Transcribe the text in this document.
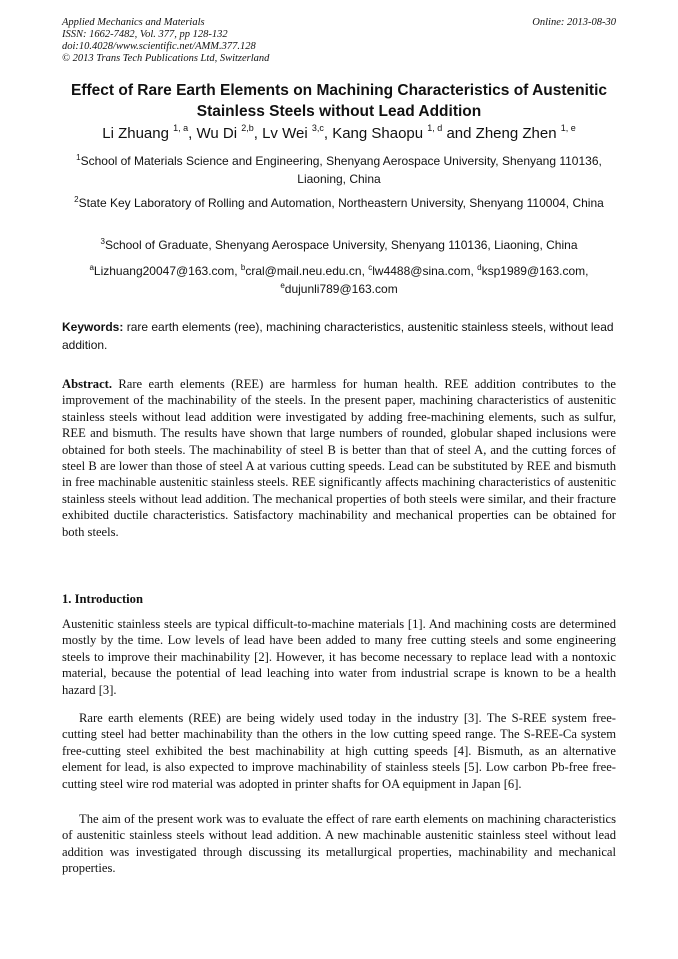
Applied Mechanics and Materials
ISSN: 1662-7482, Vol. 377, pp 128-132
doi:10.4028/www.scientific.net/AMM.377.128
© 2013 Trans Tech Publications Ltd, Switzerland
Online: 2013-08-30
Effect of Rare Earth Elements on Machining Characteristics of Austenitic
Stainless Steels without Lead Addition
Li Zhuang $^{1, a}$, Wu Di $^{2,b}$, Lv Wei $^{3,c}$, Kang Shaopu $^{1, d}$ and Zheng Zhen $^{1, e}$
$^1$School of Materials Science and Engineering, Shenyang Aerospace University, Shenyang 110136, Liaoning, China
$^2$State Key Laboratory of Rolling and Automation, Northeastern University, Shenyang 110004, China
$^3$School of Graduate, Shenyang Aerospace University, Shenyang 110136, Liaoning, China
$^a$Lizhuang20047@163.com, $^b$cral@mail.neu.edu.cn, $^c$lw4488@sina.com, $^d$ksp1989@163.com,
$^e$dujunli789@163.com
Keywords: rare earth elements (ree), machining characteristics, austenitic stainless steels, without lead addition.
Abstract. Rare earth elements (REE) are harmless for human health. REE addition contributes to the improvement of the machinability of the steels. In the present paper, machining characteristics of austenitic stainless steels without lead addition were investigated by adding free-machining elements, such as sulfur, REE and bismuth. The results have shown that large numbers of rounded, globular shaped inclusions were obtained for both steels. The machinability of steel B is better than that of steel A, and the cutting forces of steel B are lower than those of steel A at various cutting speeds. Lead can be substituted by REE and bismuth in free machinable austenitic stainless steels. REE significantly affects machining characteristics of austenitic stainless steels without lead addition. The mechanical properties of both steels were similar, and their fracture exhibited ductile characteristics. Satisfactory machinability and mechanical properties can be obtained for both steels.
1. Introduction
Austenitic stainless steels are typical difficult-to-machine materials [1]. And machining costs are determined mostly by the time. Low levels of lead have been added to many free cutting steels and some engineering steels to improve their machinability [2]. However, it has become necessary to replace lead with a nontoxic material, because the potential of lead leaching into water from industrial scrape is known to be a health hazard [3].
Rare earth elements (REE) are being widely used today in the industry [3]. The S-REE system free-cutting steel had better machinability than the others in the low cutting speed range. The S-REE-Ca system free-cutting steel exhibited the best machinability at high cutting speeds [4]. Bismuth, as an alternative element for lead, is also expected to improve machinability of stainless steels [5]. Low carbon Pb-free free-cutting steel wire rod material was adopted in printer shafts for OA equipment in Japan [6].
The aim of the present work was to evaluate the effect of rare earth elements on machining characteristics of austenitic stainless steels without lead addition. A new machinable austenitic stainless steel without lead addition was investigated through discussing its metallurgical properties, machinability and mechanical properties.
